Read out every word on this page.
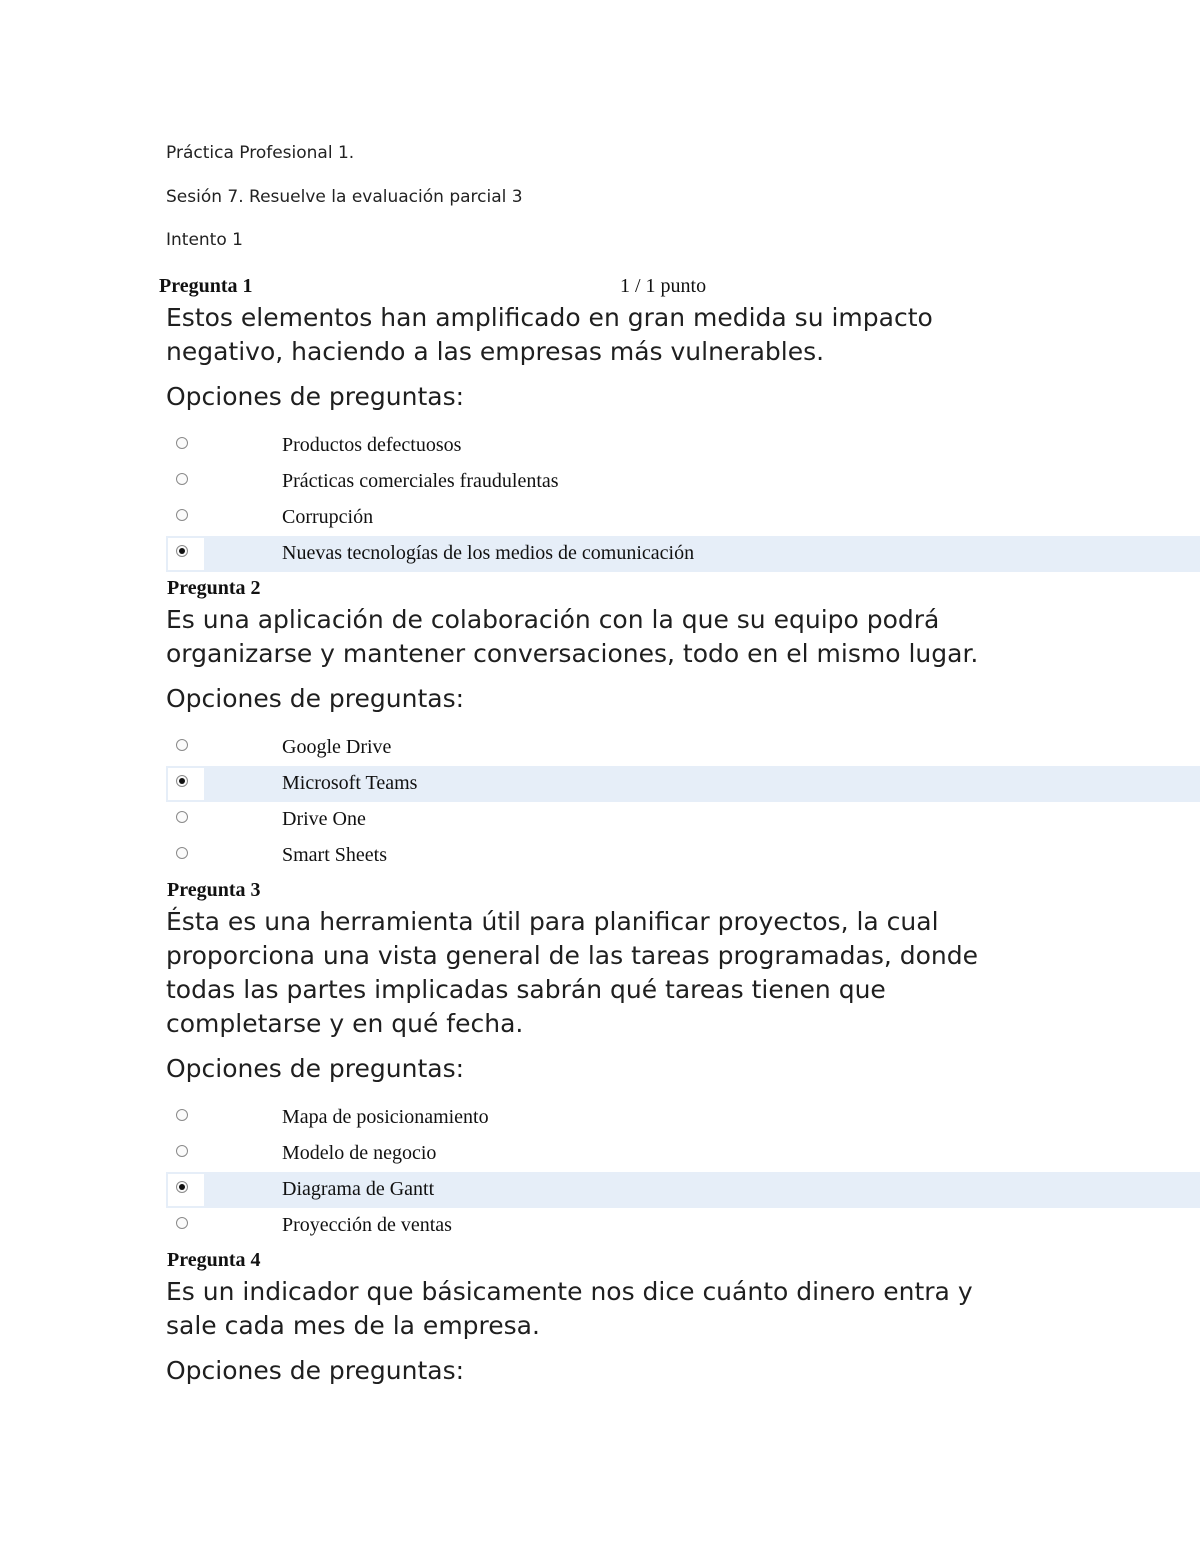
Práctica Profesional 1.
Sesión 7. Resuelve la evaluación parcial 3
Intento 1
Pregunta 1	1 / 1 punto
Estos elementos han amplificado en gran medida su impacto negativo, haciendo a las empresas más vulnerables.
Opciones de preguntas:
Productos defectuosos
Prácticas comerciales fraudulentas
Corrupción
Nuevas tecnologías de los medios de comunicación
Pregunta 2
Es una aplicación de colaboración con la que su equipo podrá organizarse y mantener conversaciones, todo en el mismo lugar.
Opciones de preguntas:
Google Drive
Microsoft Teams
Drive One
Smart Sheets
Pregunta 3
Ésta es una herramienta útil para planificar proyectos, la cual proporciona una vista general de las tareas programadas, donde todas las partes implicadas sabrán qué tareas tienen que completarse y en qué fecha.
Opciones de preguntas:
Mapa de posicionamiento
Modelo de negocio
Diagrama de Gantt
Proyección de ventas
Pregunta 4
Es un indicador que básicamente nos dice cuánto dinero entra y sale cada mes de la empresa.
Opciones de preguntas:
